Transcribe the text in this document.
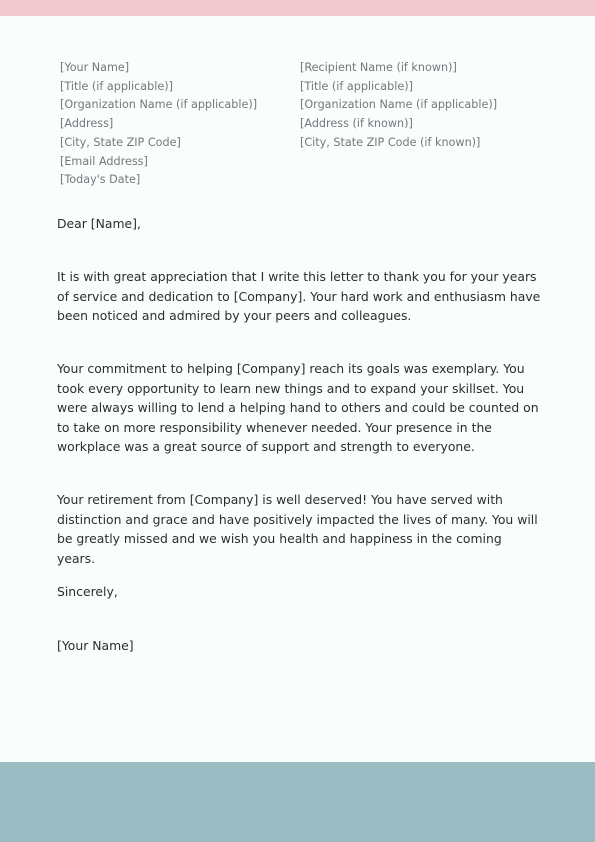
[Your Name]
[Title (if applicable)]
[Organization Name (if applicable)]
[Address]
[City, State ZIP Code]
[Email Address]
[Today's Date]
[Recipient Name (if known)]
[Title (if applicable)]
[Organization Name (if applicable)]
[Address (if known)]
[City, State ZIP Code (if known)]
Dear [Name],

It is with great appreciation that I write this letter to thank you for your years of service and dedication to [Company]. Your hard work and enthusiasm have been noticed and admired by your peers and colleagues.

Your commitment to helping [Company] reach its goals was exemplary. You took every opportunity to learn new things and to expand your skillset. You were always willing to lend a helping hand to others and could be counted on to take on more responsibility whenever needed. Your presence in the workplace was a great source of support and strength to everyone.

Your retirement from [Company] is well deserved! You have served with distinction and grace and have positively impacted the lives of many. You will be greatly missed and we wish you health and happiness in the coming years.

Sincerely,
[Your Name]
